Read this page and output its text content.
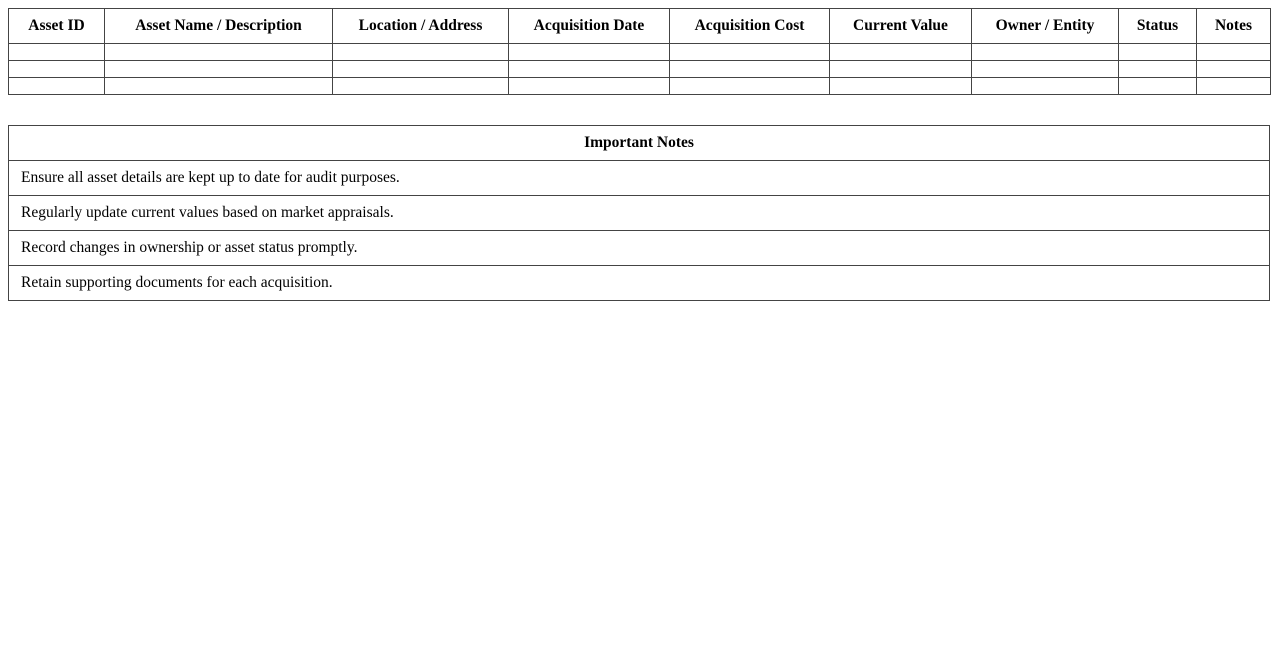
Asset ID	Asset Name / Description	Location / Address	Acquisition Date	Acquisition Cost	Current Value	Owner / Entity	Status	Notes

Important Notes
Ensure all asset details are kept up to date for audit purposes.
Regularly update current values based on market appraisals.
Record changes in ownership or asset status promptly.
Retain supporting documents for each acquisition.
